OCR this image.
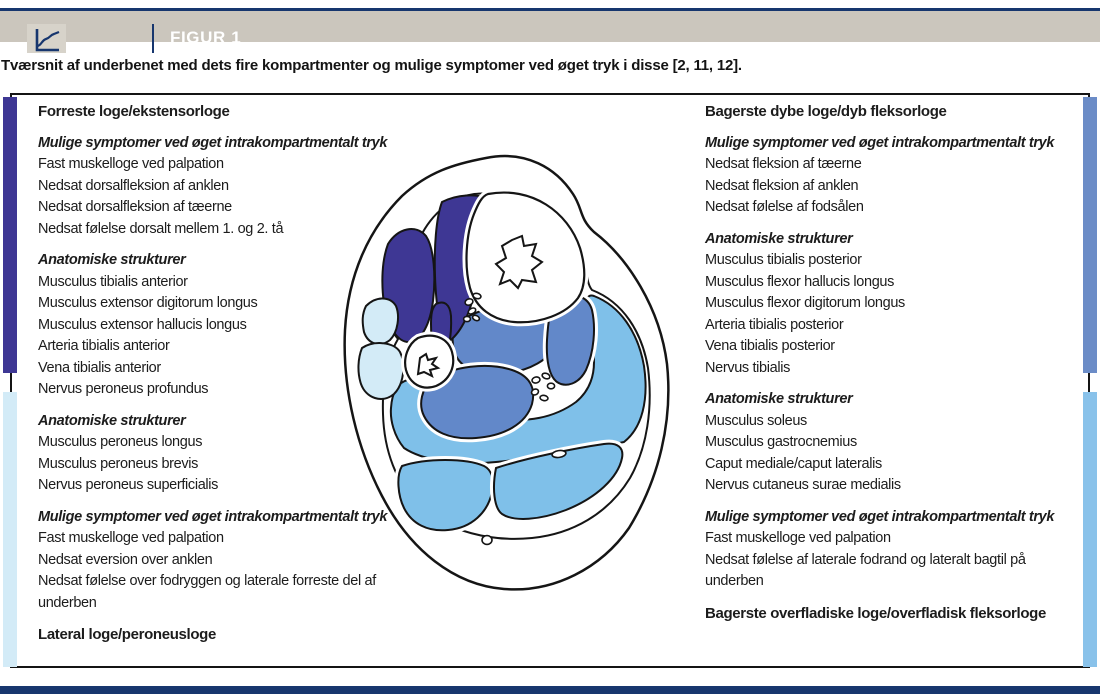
FIGUR 1
Tværsnit af underbenet med dets fire kompartmenter og mulige symptomer ved øget tryk i disse [2, 11, 12].
Forreste loge/ekstensorloge
Mulige symptomer ved øget intrakompartmentalt tryk
Fast muskelloge ved palpation
Nedsat dorsalfleksion af anklen
Nedsat dorsalfleksion af tæerne
Nedsat følelse dorsalt mellem 1. og 2. tå
Anatomiske strukturer
Musculus tibialis anterior
Musculus extensor digitorum longus
Musculus extensor hallucis longus
Arteria tibialis anterior
Vena tibialis anterior
Nervus peroneus profundus
Anatomiske strukturer
Musculus peroneus longus
Musculus peroneus brevis
Nervus peroneus superficialis
Mulige symptomer ved øget intrakompartmentalt tryk
Fast muskelloge ved palpation
Nedsat eversion over anklen
Nedsat følelse over fodryggen og laterale forreste del af underben
Lateral loge/peroneusloge
Bagerste dybe loge/dyb fleksorloge
Mulige symptomer ved øget intrakompartmentalt tryk
Nedsat fleksion af tæerne
Nedsat fleksion af anklen
Nedsat følelse af fodsålen
Anatomiske strukturer
Musculus tibialis posterior
Musculus flexor hallucis longus
Musculus flexor digitorum longus
Arteria tibialis posterior
Vena tibialis posterior
Nervus tibialis
Anatomiske strukturer
Musculus soleus
Musculus gastrocnemius
Caput mediale/caput lateralis
Nervus cutaneus surae medialis
Mulige symptomer ved øget intrakompartmentalt tryk
Fast muskelloge ved palpation
Nedsat følelse af laterale fodrand og lateralt bagtil på underben
Bagerste overfladiske loge/overfladisk fleksorloge
